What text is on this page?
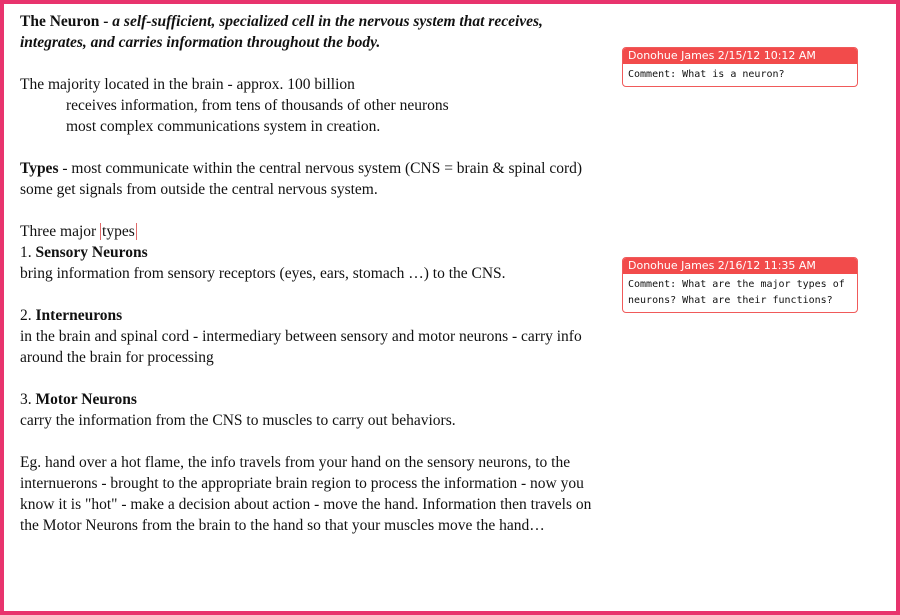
The Neuron - a self-sufficient, specialized cell in the nervous system that receives, integrates, and carries information throughout the body.

The majority located in the brain - approx. 100 billion

receives information, from tens of thousands of other neurons

most complex communications system in creation.

Types - most communicate within the central nervous system (CNS = brain & spinal cord) some get signals from outside the central nervous system.

Three major types

1. Sensory Neurons

bring information from sensory receptors (eyes, ears, stomach …) to the CNS.

2. Interneurons

in the brain and spinal cord - intermediary between sensory and motor neurons - carry info around the brain for processing

3. Motor Neurons

carry the information from the CNS to muscles to carry out behaviors.

Eg. hand over a hot flame, the info travels from your hand on the sensory neurons, to the internuerons - brought to the appropriate brain region to process the information - now you know it is "hot" - make a decision about action - move the hand. Information then travels on the Motor Neurons from the brain to the hand so that your muscles move the hand…

Donohue James 2/15/12 10:12 AM
Comment: What is a neuron?
Donohue James 2/16/12 11:35 AM
Comment: What are the major types of neurons? What are their functions?
